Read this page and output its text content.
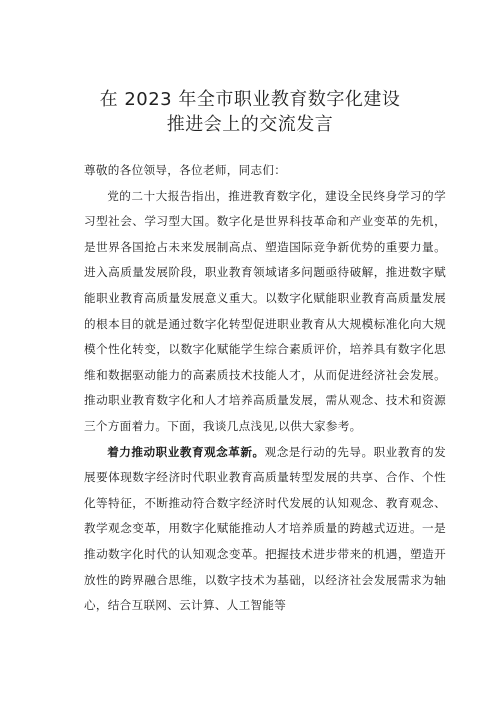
在 2023 年全市职业教育数字化建设
推进会上的交流发言

尊敬的各位领导，各位老师，同志们：

党的二十大报告指出，推进教育数字化，建设全民终身学习的学习型社会、学习型大国。数字化是世界科技革命和产业变革的先机，是世界各国抢占未来发展制高点、塑造国际竞争新优势的重要力量。进入高质量发展阶段，职业教育领域诸多问题亟待破解，推进数字赋能职业教育高质量发展意义重大。以数字化赋能职业教育高质量发展的根本目的就是通过数字化转型促进职业教育从大规模标准化向大规模个性化转变，以数字化赋能学生综合素质评价，培养具有数字化思维和数据驱动能力的高素质技术技能人才，从而促进经济社会发展。推动职业教育数字化和人才培养高质量发展，需从观念、技术和资源三个方面着力。下面，我谈几点浅见,以供大家参考。

着力推动职业教育观念革新。观念是行动的先导。职业教育的发展要体现数字经济时代职业教育高质量转型发展的共享、合作、个性化等特征，不断推动符合数字经济时代发展的认知观念、教育观念、教学观念变革，用数字化赋能推动人才培养质量的跨越式迈进。一是推动数字化时代的认知观念变革。把握技术进步带来的机遇，塑造开放性的跨界融合思维，以数字技术为基础，以经济社会发展需求为轴心，结合互联网、云计算、人工智能等
